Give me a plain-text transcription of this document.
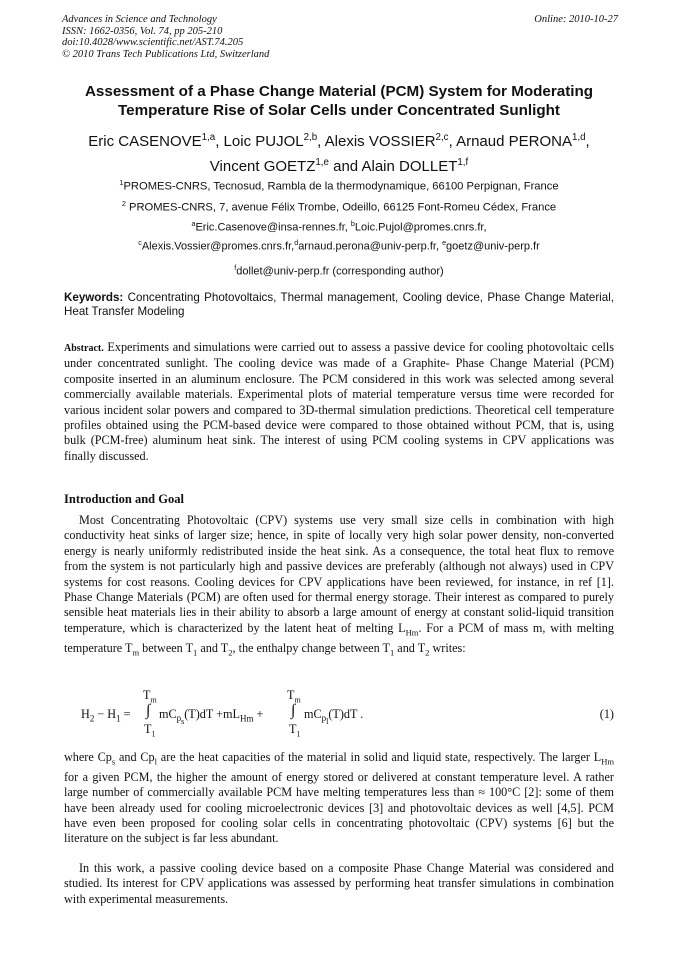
Advances in Science and Technology
ISSN: 1662-0356, Vol. 74, pp 205-210
doi:10.4028/www.scientific.net/AST.74.205
© 2010 Trans Tech Publications Ltd, Switzerland
Online: 2010-10-27
Assessment of a Phase Change Material (PCM) System for Moderating Temperature Rise of Solar Cells under Concentrated Sunlight
Eric CASENOVE$^{1,a}$, Loic PUJOL$^{2,b}$, Alexis VOSSIER$^{2,c}$, Arnaud PERONA$^{1,d}$,
Vincent GOETZ$^{1,e}$ and Alain DOLLET$^{1,f}$
$^1$PROMES-CNRS, Tecnosud, Rambla de la thermodynamique, 66100 Perpignan, France
$^2$ PROMES-CNRS, 7, avenue Félix Trombe, Odeillo, 66125 Font-Romeu Cédex, France
$^a$Eric.Casenove@insa-rennes.fr, $^b$Loic.Pujol@promes.cnrs.fr,
$^c$Alexis.Vossier@promes.cnrs.fr,$^d$arnaud.perona@univ-perp.fr, $^e$goetz@univ-perp.fr
$^f$dollet@univ-perp.fr (corresponding author)
Keywords: Concentrating Photovoltaics, Thermal management, Cooling device, Phase Change Material, Heat Transfer Modeling
Abstract. Experiments and simulations were carried out to assess a passive device for cooling photovoltaic cells under concentrated sunlight. The cooling device was made of a Graphite- Phase Change Material (PCM) composite inserted in an aluminum enclosure. The PCM considered in this work was selected among several commercially available materials. Experimental plots of material temperature versus time were recorded for various incident solar powers and compared to 3D-thermal simulation predictions. Theoretical cell temperature profiles obtained using the PCM-based device were compared to those obtained without PCM, that is, using bulk (PCM-free) aluminum heat sink. The interest of using PCM cooling systems in CPV applications was finally discussed.
Introduction and Goal
Most Concentrating Photovoltaic (CPV) systems use very small size cells in combination with high conductivity heat sinks of larger size; hence, in spite of locally very high solar power density, non-converted energy is nearly uniformly redistributed inside the heat sink. As a consequence, the total heat flux to remove from the system is not particularly high and passive devices are preferably (although not always) used in CPV systems for cost reasons. Cooling devices for CPV applications have been reviewed, for instance, in ref [1]. Phase Change Materials (PCM) are often used for thermal energy storage. Their interest as compared to purely sensible heat materials lies in their ability to absorb a large amount of energy at constant solid-liquid transition temperature, which is characterized by the latent heat of melting $L_{Hm}$. For a PCM of mass m, with melting temperature $T_m$ between $T_1$ and $T_2$, the enthalpy change between $T_1$ and $T_2$ writes:
$H_2 - H_1$ =
$T_m$
∫
$T_1$
$mC_{p_s}(T)dT +mL_{Hm}$ +
$T_m$
∫
$T_1$
$mC_{p_l}(T)dT$ .	(1)
where $Cp_s$ and $Cp_l$ are the heat capacities of the material in solid and liquid state, respectively. The larger $L_{Hm}$ for a given PCM, the higher the amount of energy stored or delivered at constant temperature level. A rather large number of commercially available PCM have melting temperatures less than ≈ 100°C [2]: some of them have been already used for cooling microelectronic devices [3] and photovoltaic devices as well [4,5]. PCM have even been proposed for cooling solar cells in concentrating photovoltaic (CPV) systems [6] but the literature on the subject is far less abundant.
In this work, a passive cooling device based on a composite Phase Change Material was considered and studied. Its interest for CPV applications was assessed by performing heat transfer simulations in combination with experimental measurements.
